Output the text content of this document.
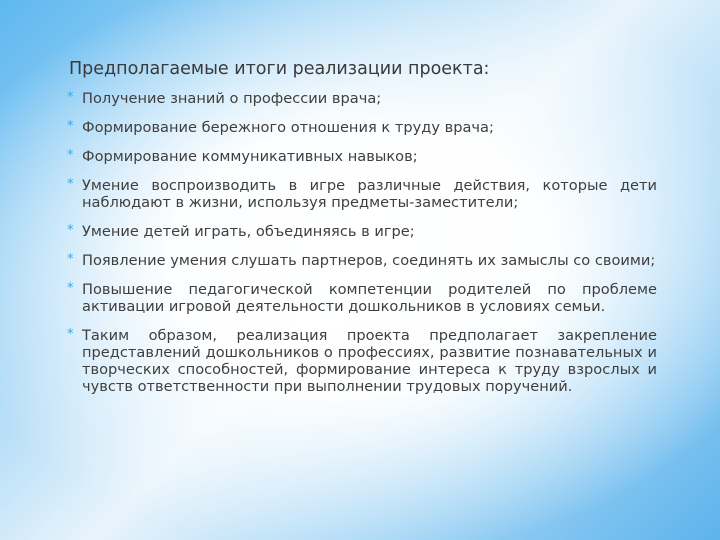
Предполагаемые итоги реализации проекта:
* Получение знаний о профессии врача;
* Формирование бережного отношения к труду врача;
* Формирование коммуникативных навыков;
* Умение воспроизводить в игре различные действия, которые дети наблюдают в жизни, используя предметы-заместители;
* Умение детей играть, объединяясь в игре;
* Появление умения слушать партнеров, соединять их замыслы со своими;
* Повышение педагогической компетенции родителей по проблеме активации игровой деятельности дошкольников в условиях семьи.
* Таким образом, реализация проекта предполагает закрепление представлений дошкольников о профессиях, развитие познавательных и творческих способностей, формирование интереса к труду взрослых и чувств ответственности при выполнении трудовых поручений.
